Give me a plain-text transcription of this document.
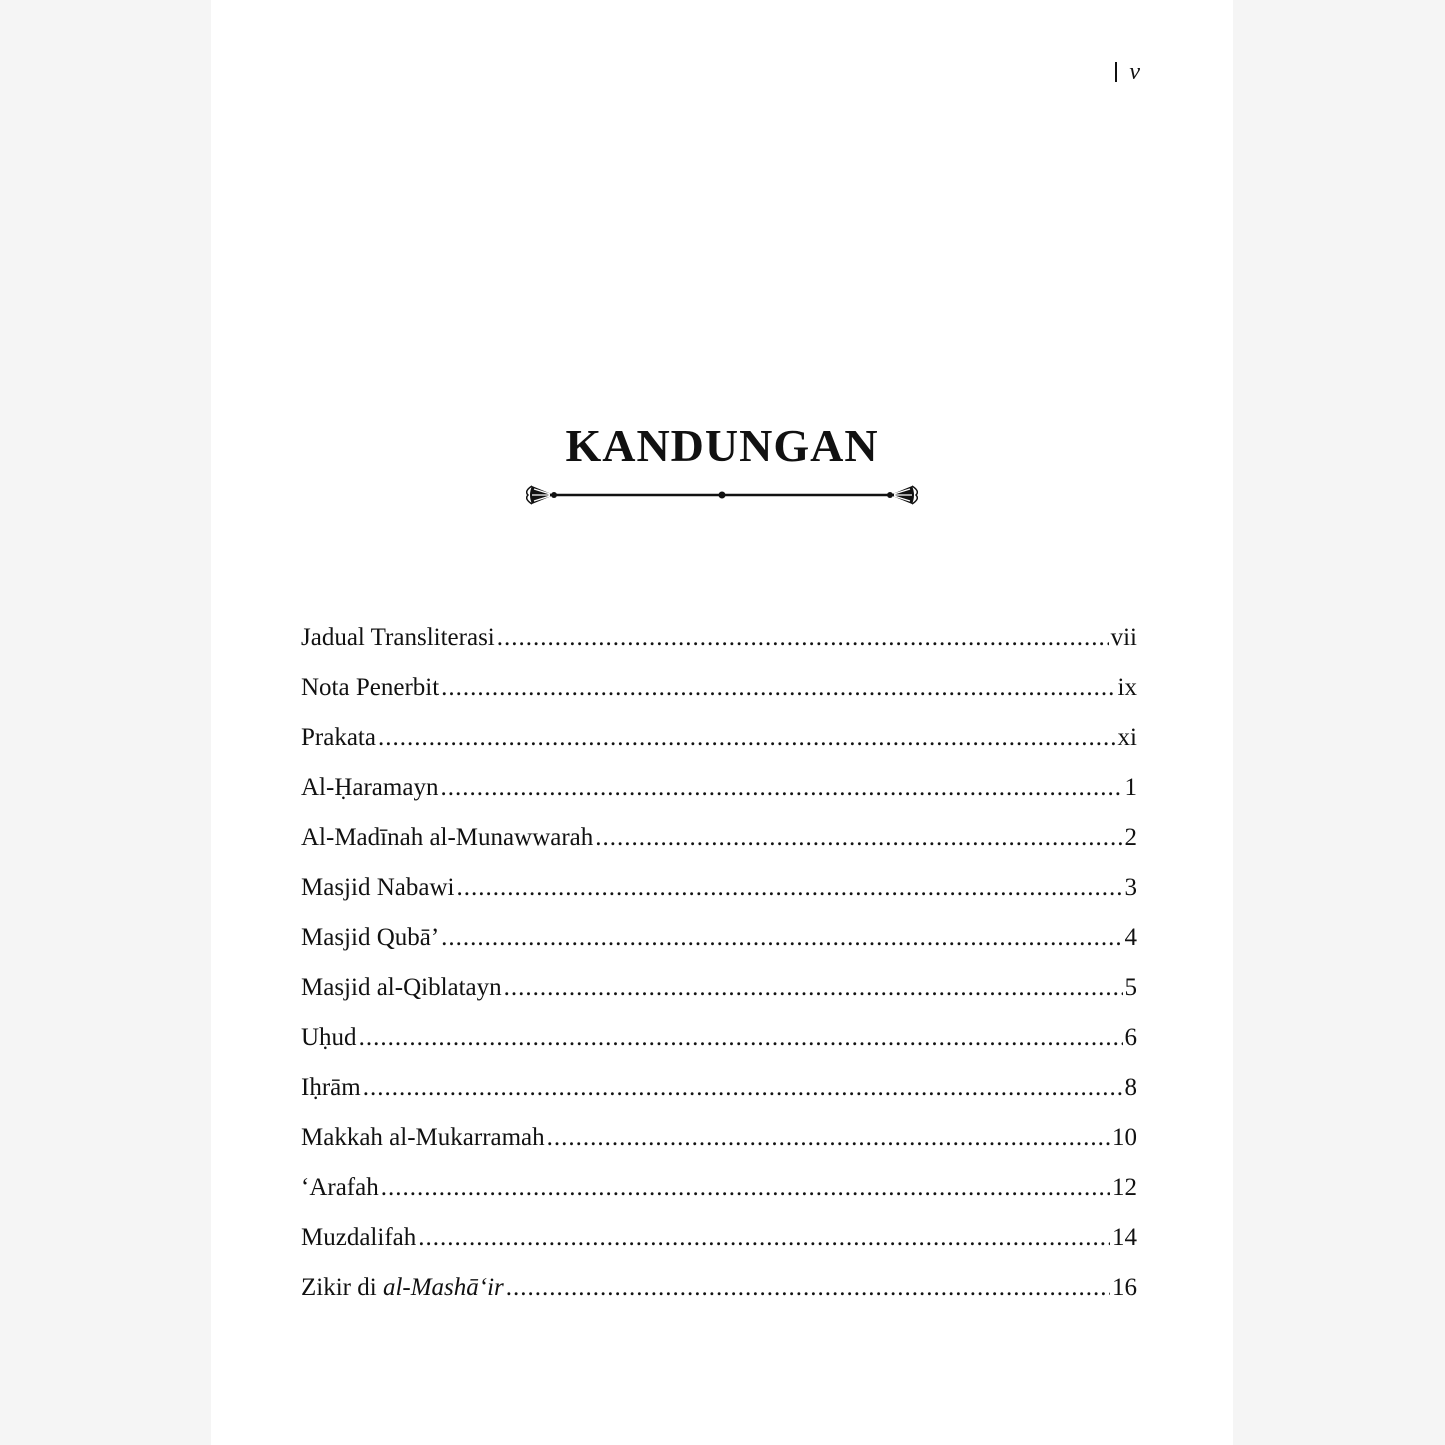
v
KANDUNGAN
Jadual Transliterasi .....	vii
Nota Penerbit .....	ix
Prakata .....	xi
Al-Ḥaramayn .....	1
Al-Madīnah al-Munawwarah .....	2
Masjid Nabawi .....	3
Masjid Qubā’ .....	4
Masjid al-Qiblatayn .....	5
Uḥud .....	6
Iḥrām .....	8
Makkah al-Mukarramah .....	10
‘Arafah .....	12
Muzdalifah .....	14
Zikir di al-Mashā‘ir .....	16
